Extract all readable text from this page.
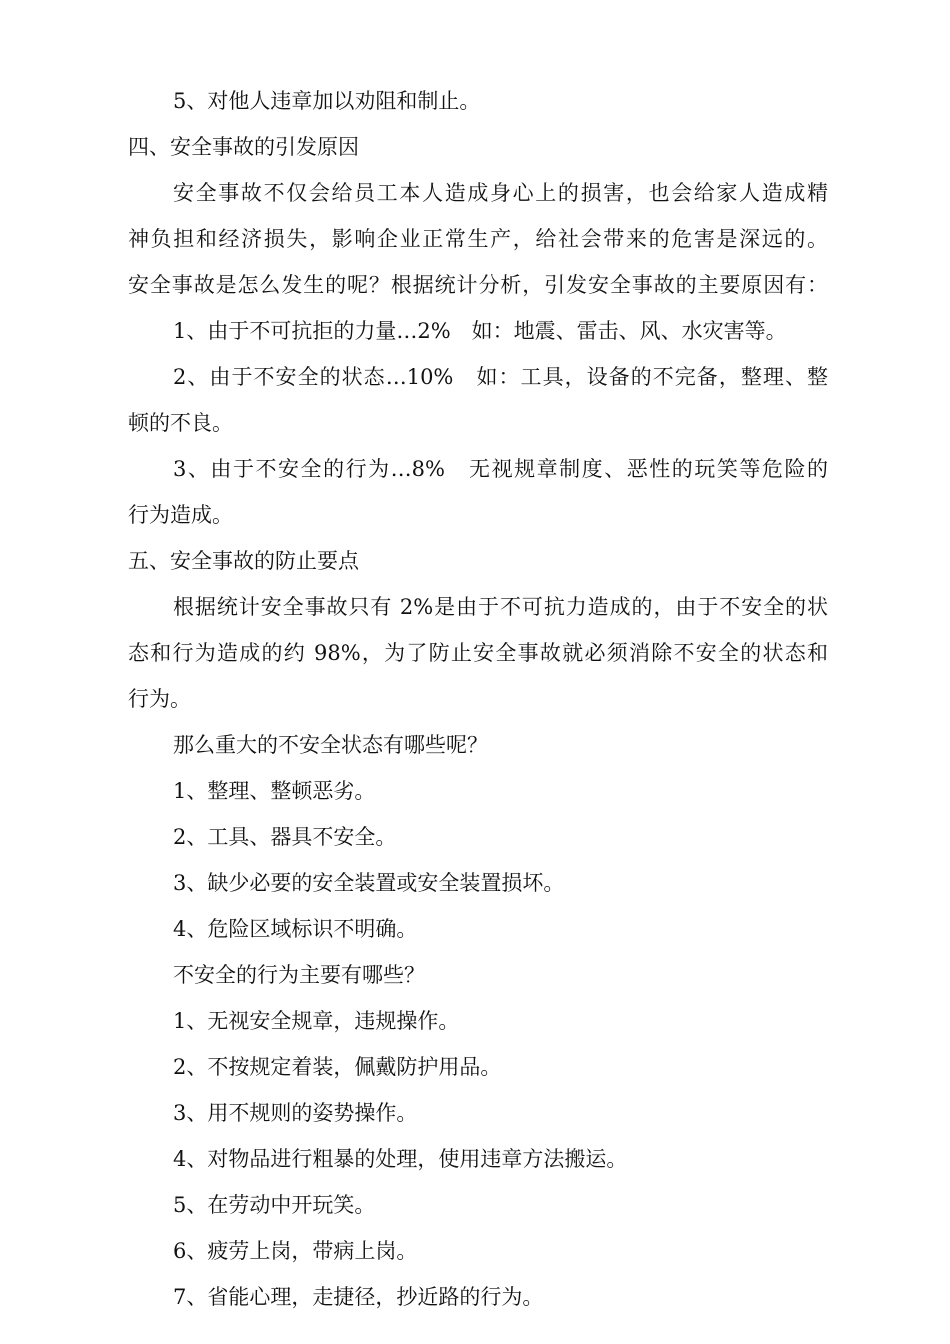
5、对他人违章加以劝阻和制止。
四、安全事故的引发原因
安全事故不仅会给员工本人造成身心上的损害，也会给家人造成精
神负担和经济损失，影响企业正常生产，给社会带来的危害是深远的。
安全事故是怎么发生的呢？根据统计分析，引发安全事故的主要原因有：
1、由于不可抗拒的力量…2%　如：地震、雷击、风、水灾害等。
2、由于不安全的状态…10%　如：工具，设备的不完备，整理、整
顿的不良。
3、由于不安全的行为…8%　无视规章制度、恶性的玩笑等危险的
行为造成。
五、安全事故的防止要点
根据统计安全事故只有 2%是由于不可抗力造成的，由于不安全的状
态和行为造成的约 98%，为了防止安全事故就必须消除不安全的状态和
行为。
那么重大的不安全状态有哪些呢？
1、整理、整顿恶劣。
2、工具、器具不安全。
3、缺少必要的安全装置或安全装置损坏。
4、危险区域标识不明确。
不安全的行为主要有哪些？
1、无视安全规章，违规操作。
2、不按规定着装，佩戴防护用品。
3、用不规则的姿势操作。
4、对物品进行粗暴的处理，使用违章方法搬运。
5、在劳动中开玩笑。
6、疲劳上岗，带病上岗。
7、省能心理，走捷径，抄近路的行为。
